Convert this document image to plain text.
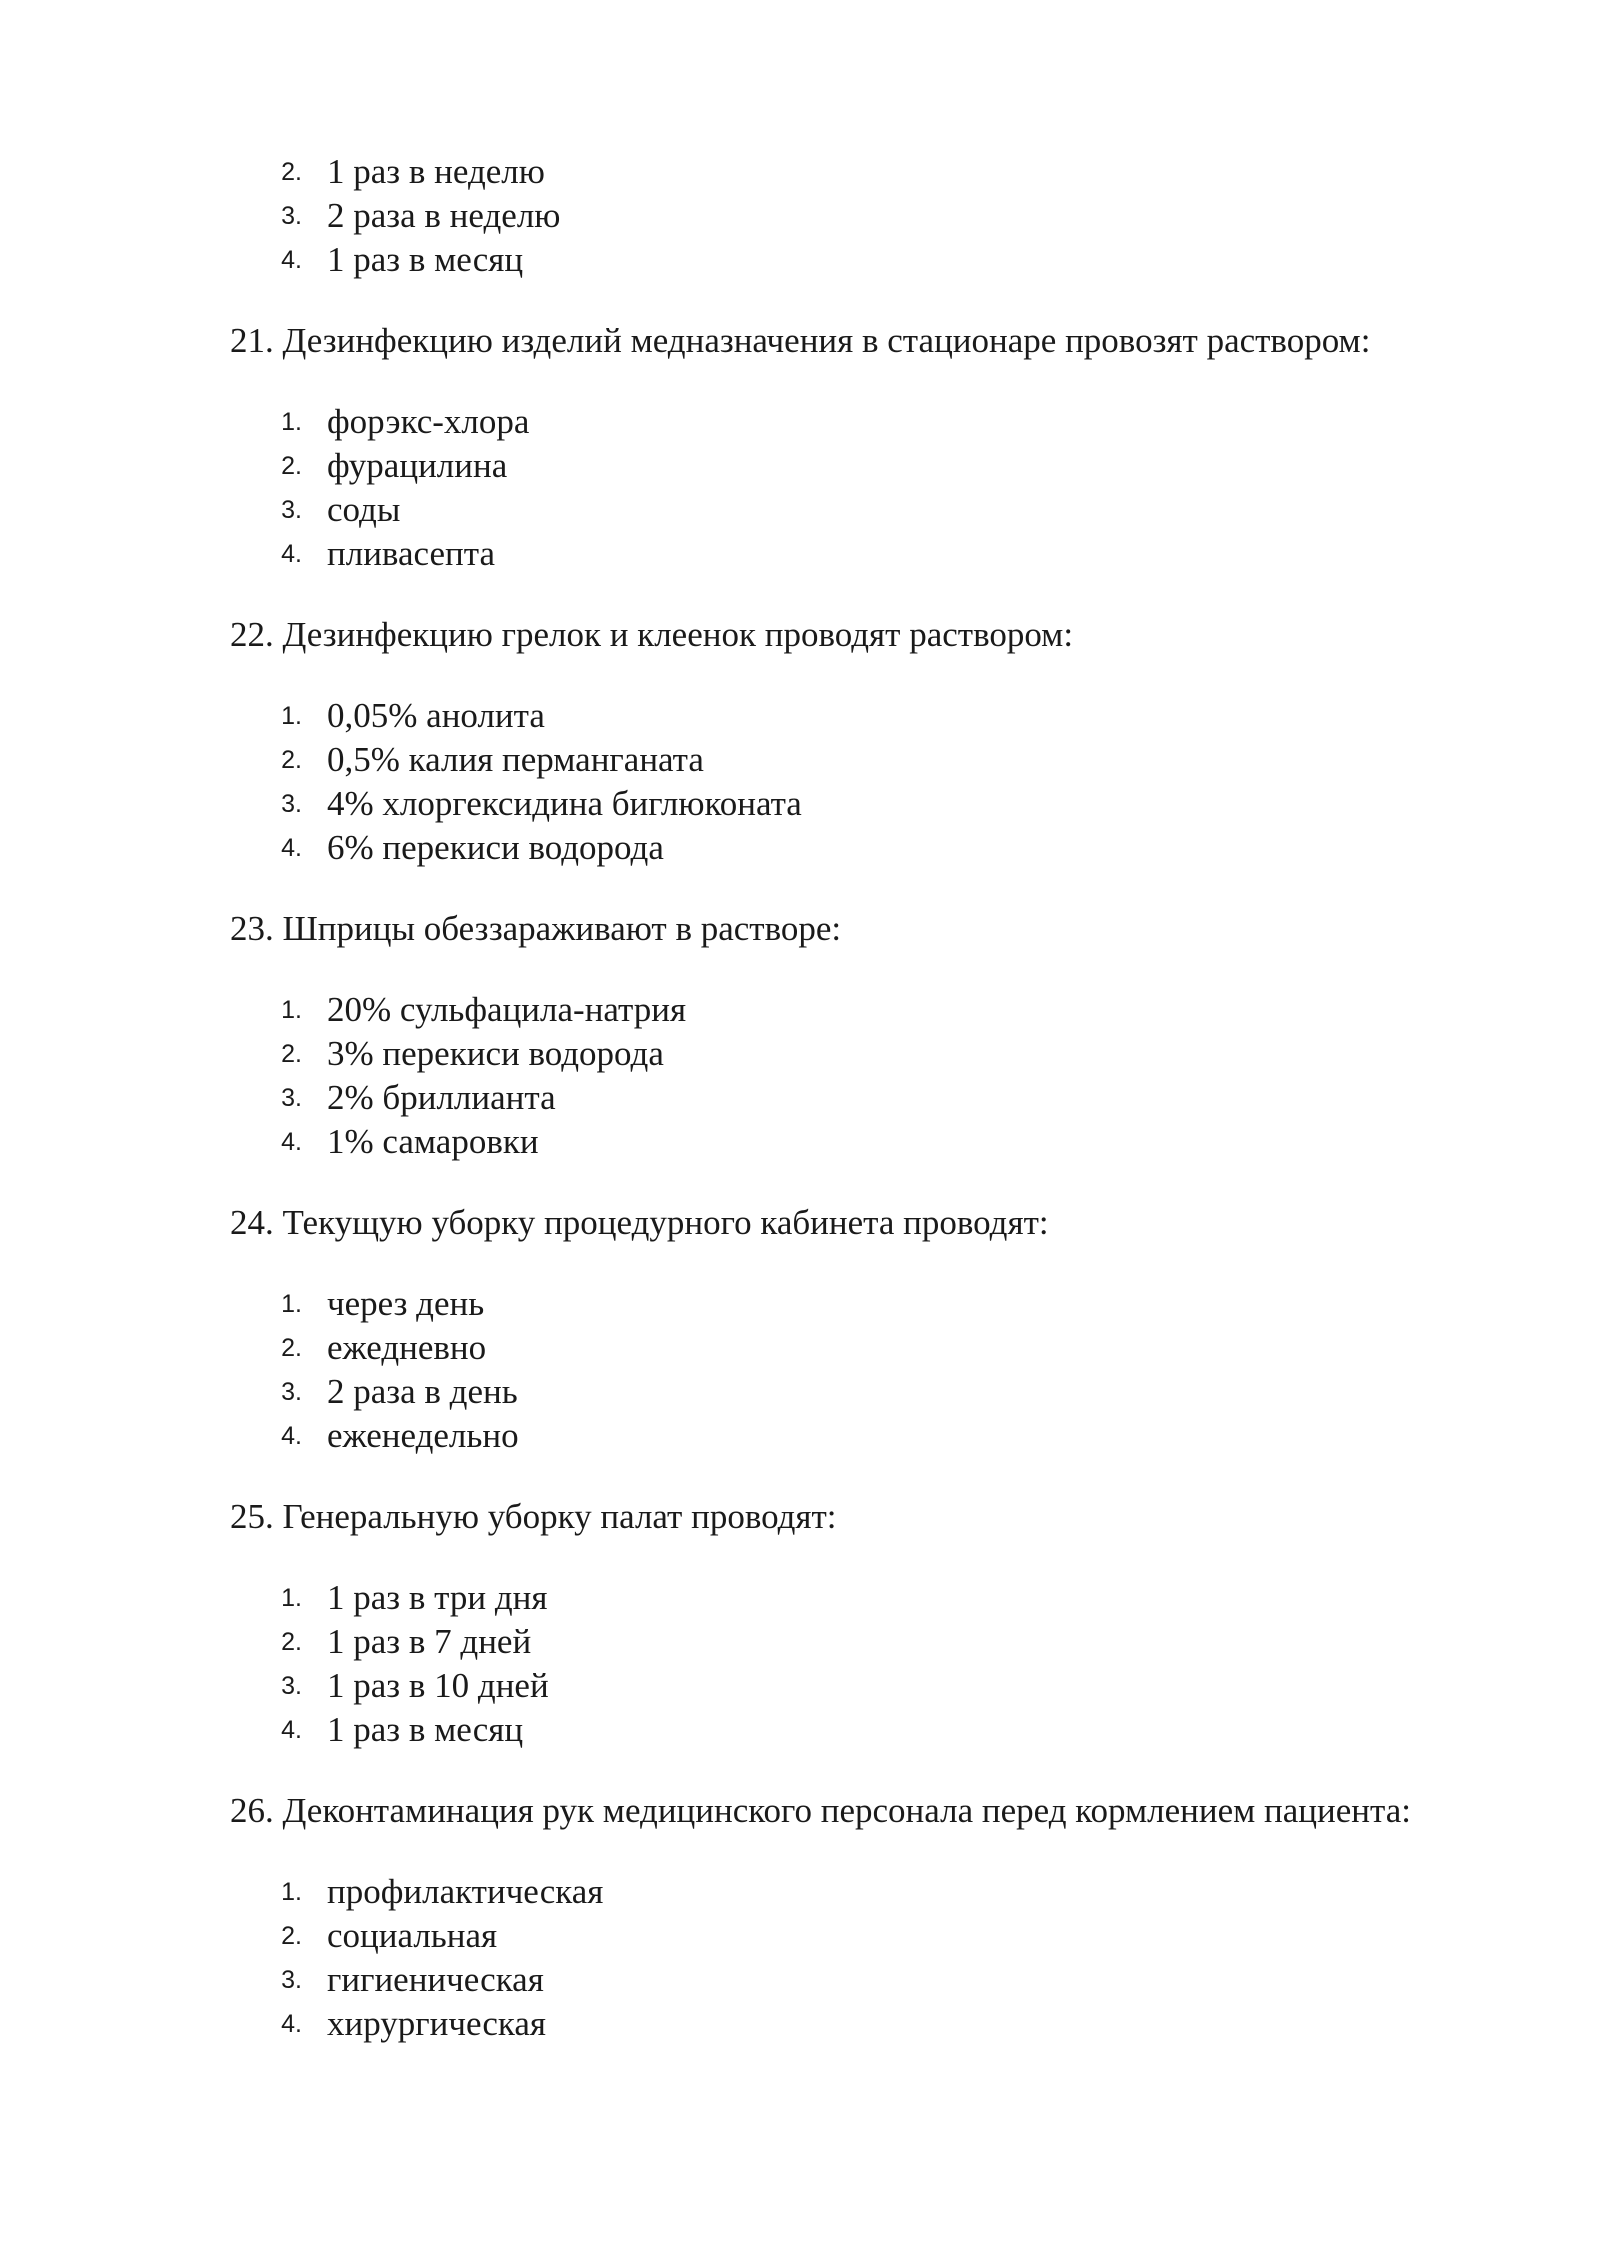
2. 1 раз в неделю
3. 2 раза в неделю
4. 1 раз в месяц
21. Дезинфекцию изделий медназначения в стационаре провозят раствором:
1. форэкс-хлора
2. фурацилина
3. соды
4. пливасепта
22. Дезинфекцию грелок и клеенок проводят раствором:
1. 0,05% анолита
2. 0,5% калия перманганата
3. 4% хлоргексидина биглюконата
4. 6% перекиси водорода
23. Шприцы обеззараживают в растворе:
1. 20% сульфацила-натрия
2. 3% перекиси водорода
3. 2% бриллианта
4. 1% самаровки
24. Текущую уборку процедурного кабинета проводят:
1. через день
2. ежедневно
3. 2 раза в день
4. еженедельно
25. Генеральную уборку палат проводят:
1. 1 раз в три дня
2. 1 раз в 7 дней
3. 1 раз в 10 дней
4. 1 раз в месяц
26. Деконтаминация рук медицинского персонала перед кормлением пациента:
1. профилактическая
2. социальная
3. гигиеническая
4. хирургическая
